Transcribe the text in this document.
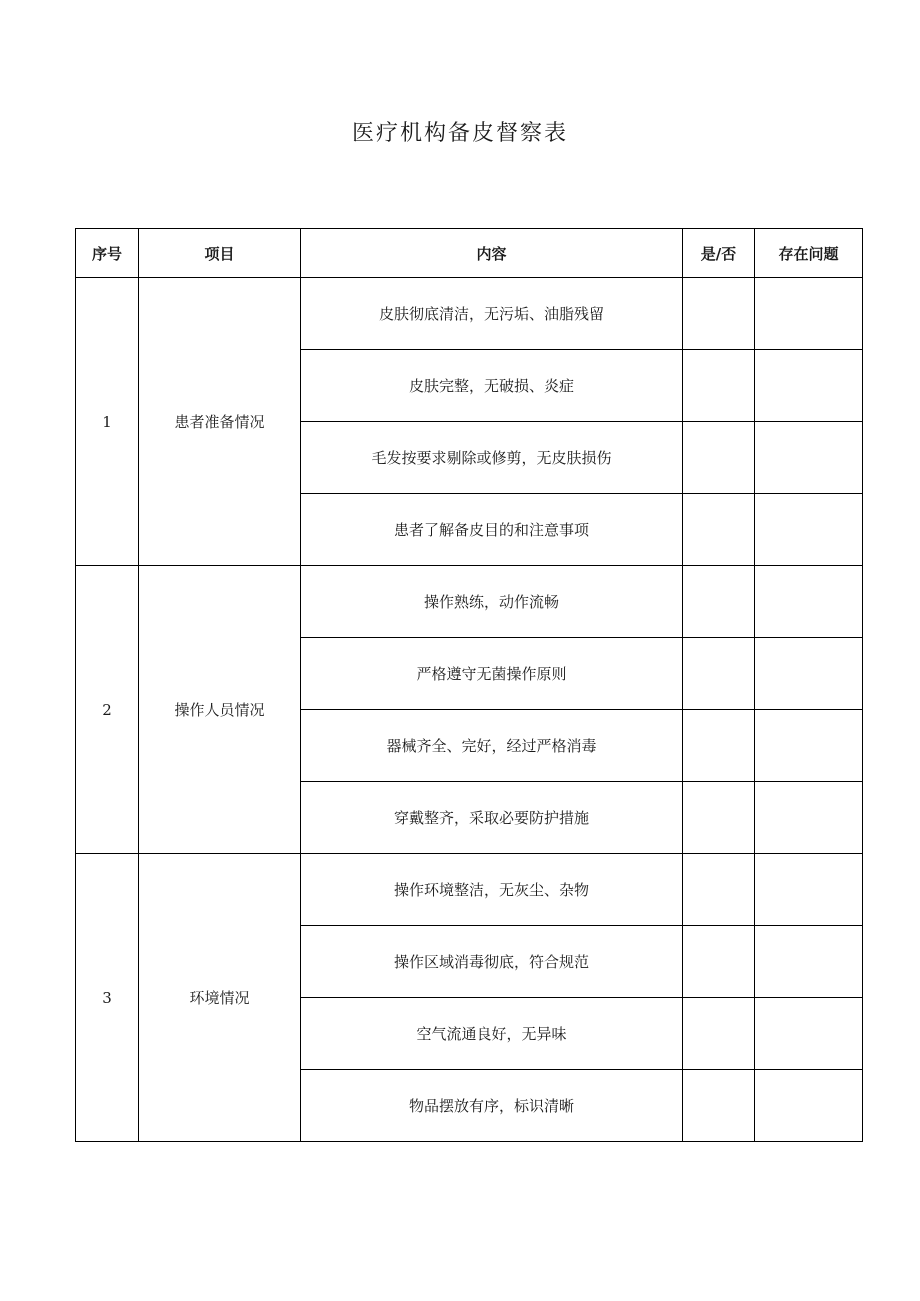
医疗机构备皮督察表
序号	项目	内容	是/否	存在问题
1	患者准备情况	皮肤彻底清洁，无污垢、油脂残留		
		皮肤完整，无破损、炎症		
		毛发按要求剔除或修剪，无皮肤损伤		
		患者了解备皮目的和注意事项		
2	操作人员情况	操作熟练，动作流畅		
		严格遵守无菌操作原则		
		器械齐全、完好，经过严格消毒		
		穿戴整齐，采取必要防护措施		
3	环境情况	操作环境整洁，无灰尘、杂物		
		操作区域消毒彻底，符合规范		
		空气流通良好，无异味		
		物品摆放有序，标识清晰		
